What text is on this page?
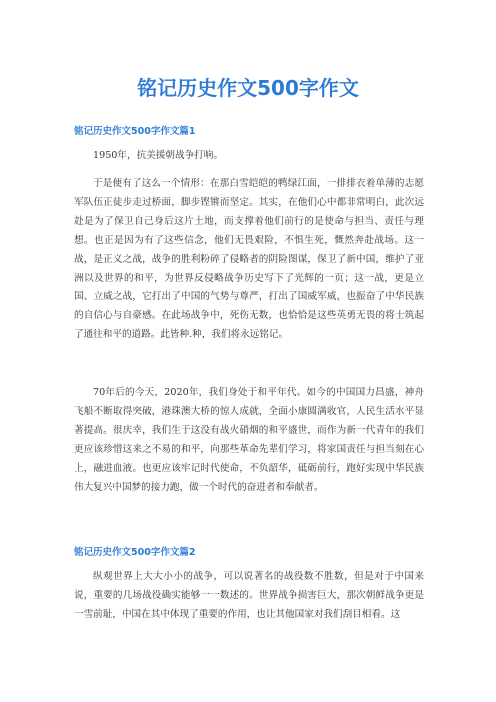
铭记历史作文500字作文
铭记历史作文500字作文篇1

1950年，抗美援朝战争打响。

于是便有了这么一个情形：在那白雪皑皑的鸭绿江面，一排排衣着单薄的志愿军队伍正徒步走过桥面，脚步铿锵而坚定。其实，在他们心中都非常明白，此次远赴是为了保卫自己身后这片土地，而支撑着他们前行的是使命与担当、责任与理想。也正是因为有了这些信念，他们无畏艰险，不惧生死，慨然奔赴战场。这一战，是正义之战，战争的胜利粉碎了侵略者的阴险图谋，保卫了新中国，维护了亚洲以及世界的和平，为世界反侵略战争历史写下了光辉的一页；这一战，更是立国、立威之战，它打出了中国的气势与尊严，打出了国威军威，也振奋了中华民族的自信心与自豪感。在此场战争中，死伤无数，也恰恰是这些英勇无畏的将士筑起了通往和平的道路。此皆种.种，我们将永远铭记。

70年后的今天，2020年，我们身处于和平年代。如今的中国国力昌盛，神舟飞船不断取得突破，港珠澳大桥的惊人成就，全面小康圆满收官，人民生活水平显著提高。很庆幸，我们生于这没有战火硝烟的和平盛世，而作为新一代青年的我们更应该珍惜这来之不易的和平，向那些革命先辈们学习，将家国责任与担当刻在心上，融进血液。也更应该牢记时代使命，不负韶华，砥砺前行，跑好实现中华民族伟大复兴中国梦的接力跑，做一个时代的奋进者和奉献者。

铭记历史作文500字作文篇2

纵观世界上大大小小的战争，可以说著名的战役数不胜数，但是对于中国来说，重要的几场战役确实能够一一数述的。世界战争损害巨大，那次朝鲜战争更是一雪前耻，中国在其中体现了重要的作用，也让其他国家对我们刮目相看。这
